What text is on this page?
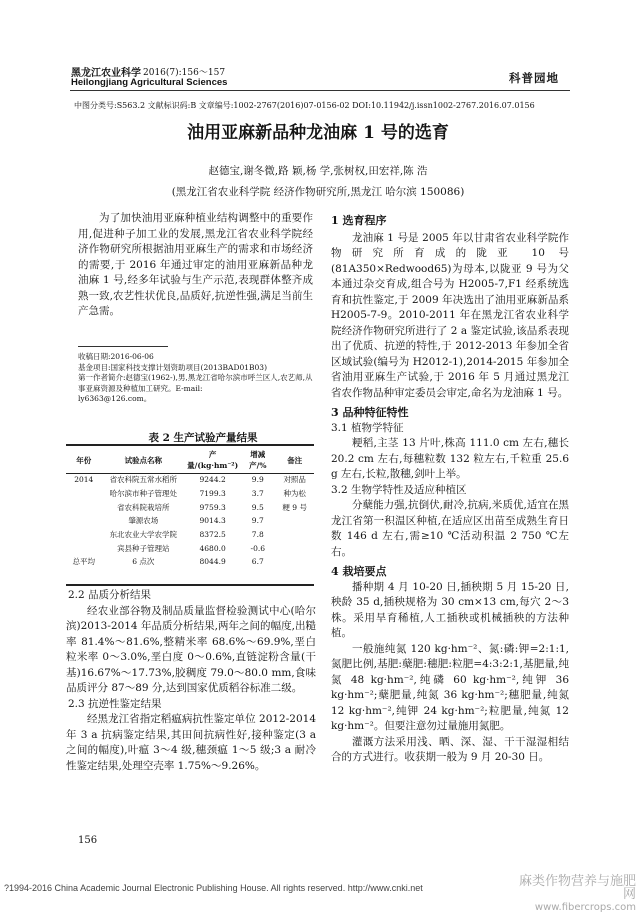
黑龙江农业科学 2016(7):156～157
Heilongjiang Agricultural Sciences	科普园地
中图分类号:S563.2 文献标识码:B 文章编号:1002-2767(2016)07-0156-02 DOI:10.11942/j.issn1002-2767.2016.07.0156
油用亚麻新品种龙油麻 1 号的选育
赵德宝,谢冬微,路 颖,杨 学,张树权,田宏祥,陈 浩
(黑龙江省农业科学院 经济作物研究所,黑龙江 哈尔滨 150086)

为了加快油用亚麻种植业结构调整中的重要作用,促进种子加工业的发展,黑龙江省农业科学院经济作物研究所根据油用亚麻生产的需求和市场经济的需要,于 2016 年通过审定的油用亚麻新品种龙油麻 1 号,经多年试验与生产示范,表现群体整齐成熟一致,农艺性状优良,品质好,抗逆性强,满足当前生产急需。

收稿日期:2016-06-06
基金项目:国家科技支撑计划资助项目(2013BAD01B03)
第一作者简介:赵德宝(1962-),男,黑龙江省哈尔滨市呼兰区人,农艺师,从事亚麻资源及种植加工研究。E-mail:
ly6363@126.com。
表 2 生产试验产量结果
年份	试验点名称	产量/(kg·hm⁻²)	增减产/%	备注
2014	省农科院五常水稻所	9244.2	9.9	对照品
	哈尔滨市种子管理处	7199.3	3.7	种为松
	省农科院栽培所	9759.3	9.5	粳 9 号
	肇源农场	9014.3	9.7	
	东北农业大学农学院	8372.5	7.8	
	宾县种子管理站	4680.0	-0.6	
总平均	6 点次	8044.9	6.7	
2.2 品质分析结果

经农业部谷物及制品质量监督检验测试中心(哈尔滨)2013-2014 年品质分析结果,两年之间的幅度,出糙率 81.4%～81.6%,整精米率 68.6%～69.9%,垩白粒米率 0～3.0%,垩白度 0～0.6%,直链淀粉含量(干基)16.67%～17.73%,胶稠度 79.0～80.0 mm,食味品质评分 87～89 分,达到国家优质稻谷标准二级。

2.3 抗逆性鉴定结果

经黑龙江省指定稻瘟病抗性鉴定单位 2012-2014 年 3 a 抗病鉴定结果,其田间抗病性好,接种鉴定(3 a 之间的幅度),叶瘟 3～4 级,穗颈瘟 1～5 级;3 a 耐冷性鉴定结果,处理空壳率 1.75%～9.26%。

1 选育程序

龙油麻 1 号是 2005 年以甘肃省农业科学院作物研究所育成的陇亚 10 号(81A350×Redwood65)为母本,以陇亚 9 号为父本通过杂交育成,组合号为 H2005-7,F1 经系统选育和抗性鉴定,于 2009 年决选出了油用亚麻新品系 H2005-7-9。2010-2011 年在黑龙江省农业科学院经济作物研究所进行了 2 a 鉴定试验,该品系表现出了优质、抗逆的特性,于 2012-2013 年参加全省区域试验(编号为 H2012-1),2014-2015 年参加全省油用亚麻生产试验,于 2016 年 5 月通过黑龙江省农作物品种审定委员会审定,命名为龙油麻 1 号。

3 品种特征特性
3.1 植物学特征

粳稻,主茎 13 片叶,株高 111.0 cm 左右,穗长 20.2 cm 左右,每穗粒数 132 粒左右,千粒重 25.6 g 左右,长粒,散穗,剑叶上举。

3.2 生物学特性及适应种植区

分蘖能力强,抗倒伏,耐冷,抗病,米质优,适宜在黑龙江省第一积温区种植,在适应区出苗至成熟生育日数 146 d 左右,需≥10 ℃活动积温 2 750 ℃左右。

4 栽培要点

播种期 4 月 10-20 日,插秧期 5 月 15-20 日,秧龄 35 d,插秧规格为 30 cm×13 cm,每穴 2～3 株。采用旱育稀植,人工插秧或机械插秧的方法种植。

一般施纯氮 120 kg·hm⁻²、氮:磷:钾=2:1:1,氮肥比例,基肥:蘖肥:穗肥:粒肥=4:3:2:1,基肥量,纯氮 48 kg·hm⁻²,纯磷 60 kg·hm⁻²,纯钾 36 kg·hm⁻²;蘖肥量,纯氮 36 kg·hm⁻²;穗肥量,纯氮 12 kg·hm⁻²,纯钾 24 kg·hm⁻²;粒肥量,纯氮 12 kg·hm⁻²。但要注意勿过量施用氮肥。

灌溉方法采用浅、晒、深、湿、干干湿湿相结合的方式进行。收获期一般为 9 月 20-30 日。

156
?1994-2016 China Academic Journal Electronic Publishing House. All rights reserved. http://www.cnki.net	麻类作物营养与施肥网
www.fibercrops.com
